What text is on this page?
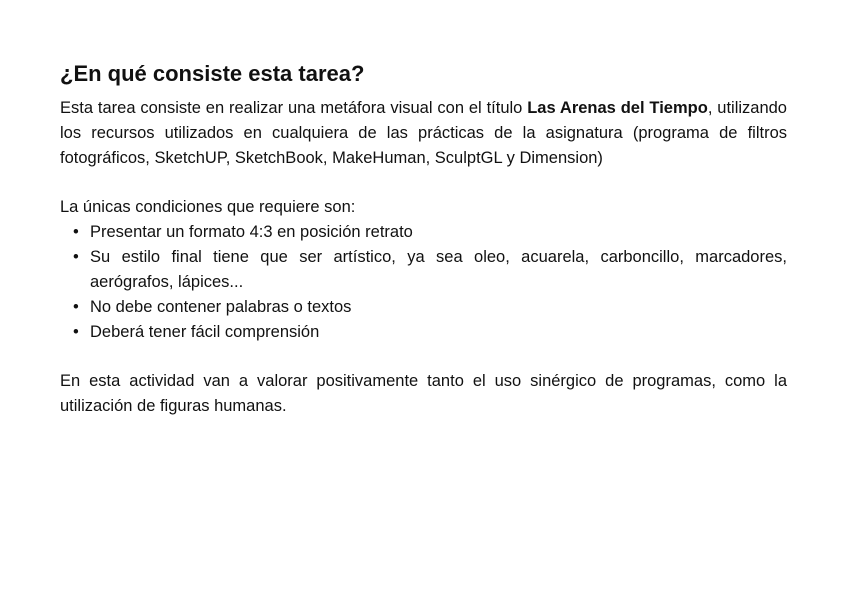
¿En qué consiste esta tarea?

Esta tarea consiste en realizar una metáfora visual con el título Las Arenas del Tiempo, utilizando los recursos utilizados en cualquiera de las prácticas de la asignatura (programa de filtros fotográficos, SketchUP, SketchBook, MakeHuman, SculptGL y Dimension)

La únicas condiciones que requiere son:

• Presentar un formato 4:3 en posición retrato
• Su estilo final tiene que ser artístico, ya sea oleo, acuarela, carboncillo, marcadores, aerógrafos, lápices...
• No debe contener palabras o textos
• Deberá tener fácil comprensión

En esta actividad van a valorar positivamente tanto el uso sinérgico de programas, como la utilización de figuras humanas.
